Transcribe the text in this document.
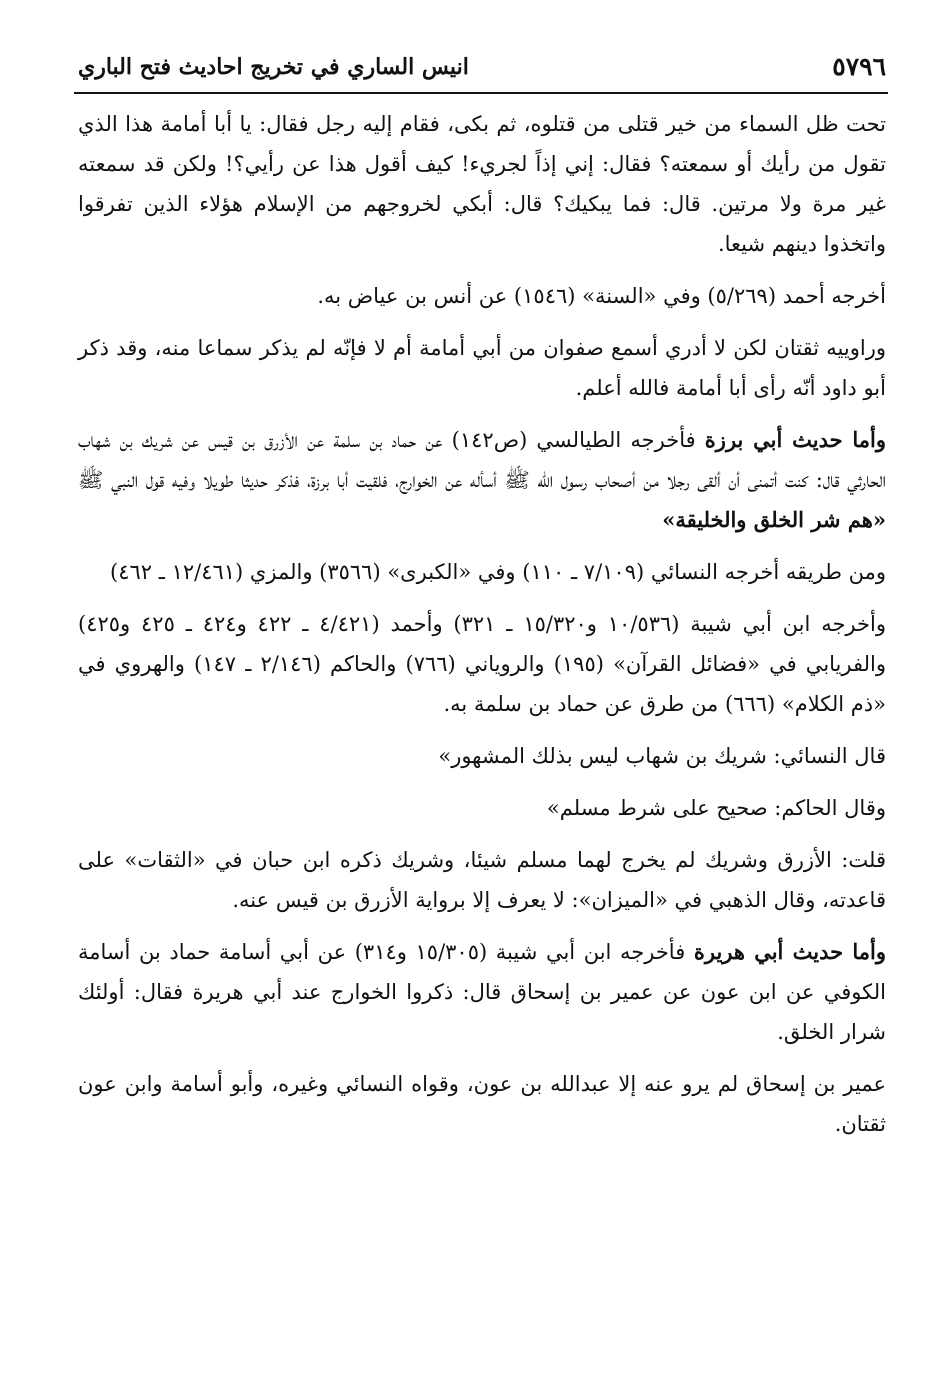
٥٧٩٦
انيس الساري في تخريج احاديث فتح الباري

تحت ظل السماء من خير قتلى من قتلوه، ثم بكى، فقام إليه رجل فقال: يا أبا أمامة هذا الذي تقول من رأيك أو سمعته؟ فقال: إني إذاً لجريء! كيف أقول هذا عن رأيي؟! ولكن قد سمعته غير مرة ولا مرتين. قال: فما يبكيك؟ قال: أبكي لخروجهم من الإسلام هؤلاء الذين تفرقوا واتخذوا دينهم شيعا.

أخرجه أحمد (٥/٢٦٩) وفي «السنة» (١٥٤٦) عن أنس بن عياض به.

وراوييه ثقتان لكن لا أدري أسمع صفوان من أبي أمامة أم لا فإنّه لم يذكر سماعا منه، وقد ذكر أبو داود أنّه رأى أبا أمامة فالله أعلم.

وأما حديث أبي برزة فأخرجه الطيالسي (ص١٤٢) عن حماد بن سلمة عن الأزرق بن قيس عن شريك بن شهاب الحارثي قال: كنت أتمنى أن ألقى رجلا من أصحاب رسول الله ﷺ أسأله عن الخوارج، فلقيت أبا برزة، فذكر حديثا طويلا وفيه قول النبي ﷺ «هم شر الخلق والخليقة»

ومن طريقه أخرجه النسائي (٧/١٠٩ ـ ١١٠) وفي «الكبرى» (٣٥٦٦) والمزي (١٢/٤٦١ ـ ٤٦٢)

وأخرجه ابن أبي شيبة (١٠/٥٣٦ و١٥/٣٢٠ ـ ٣٢١) وأحمد (٤/٤٢١ ـ ٤٢٢ و٤٢٤ ـ ٤٢٥ و٤٢٥) والفريابي في «فضائل القرآن» (١٩٥) والروياني (٧٦٦) والحاكم (٢/١٤٦ ـ ١٤٧) والهروي في «ذم الكلام» (٦٦٦) من طرق عن حماد بن سلمة به.

قال النسائي: شريك بن شهاب ليس بذلك المشهور»

وقال الحاكم: صحيح على شرط مسلم»

قلت: الأزرق وشريك لم يخرج لهما مسلم شيئا، وشريك ذكره ابن حبان في «الثقات» على قاعدته، وقال الذهبي في «الميزان»: لا يعرف إلا برواية الأزرق بن قيس عنه.

وأما حديث أبي هريرة فأخرجه ابن أبي شيبة (١٥/٣٠٥ و٣١٤) عن أبي أسامة حماد بن أسامة الكوفي عن ابن عون عن عمير بن إسحاق قال: ذكروا الخوارج عند أبي هريرة فقال: أولئك شرار الخلق.

عمير بن إسحاق لم يرو عنه إلا عبدالله بن عون، وقواه النسائي وغيره، وأبو أسامة وابن عون ثقتان.
